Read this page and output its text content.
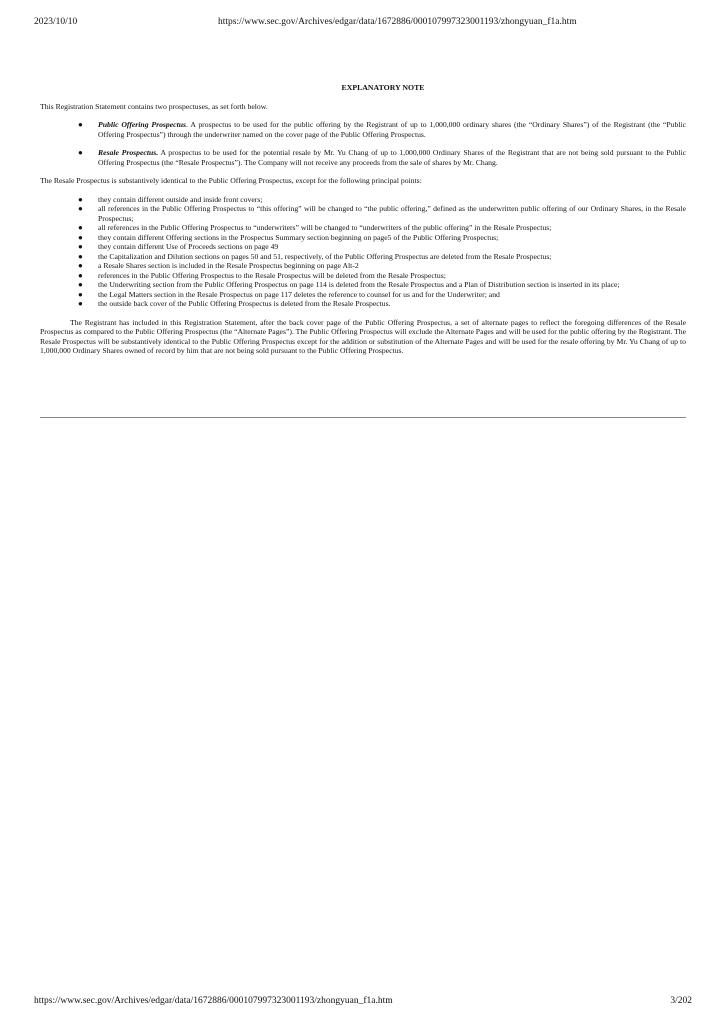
2023/10/10	https://www.sec.gov/Archives/edgar/data/1672886/000107997323001193/zhongyuan_f1a.htm
EXPLANATORY NOTE

This Registration Statement contains two prospectuses, as set forth below.

● Public Offering Prospectus. A prospectus to be used for the public offering by the Registrant of up to 1,000,000 ordinary shares (the “Ordinary Shares”) of the Registrant (the “Public Offering Prospectus”) through the underwriter named on the cover page of the Public Offering Prospectus.
● Resale Prospectus. A prospectus to be used for the potential resale by Mr. Yu Chang of up to 1,000,000 Ordinary Shares of the Registrant that are not being sold pursuant to the Public Offering Prospectus (the “Resale Prospectus”). The Company will not receive any proceeds from the sale of shares by Mr. Chang.

The Resale Prospectus is substantively identical to the Public Offering Prospectus, except for the following principal points:

● they contain different outside and inside front covers;
● all references in the Public Offering Prospectus to “this offering” will be changed to “the public offering,” defined as the underwritten public offering of our Ordinary Shares, in the Resale Prospectus;
● all references in the Public Offering Prospectus to “underwriters” will be changed to “underwriters of the public offering” in the Resale Prospectus;
● they contain different Offering sections in the Prospectus Summary section beginning on page5 of the Public Offering Prospectus;
● they contain different Use of Proceeds sections on page 49
● the Capitalization and Dilution sections on pages 50 and 51, respectively, of the Public Offering Prospectus are deleted from the Resale Prospectus;
● a Resale Shares section is included in the Resale Prospectus beginning on page Alt-2
● references in the Public Offering Prospectus to the Resale Prospectus will be deleted from the Resale Prospectus;
● the Underwriting section from the Public Offering Prospectus on page 114 is deleted from the Resale Prospectus and a Plan of Distribution section is inserted in its place;
● the Legal Matters section in the Resale Prospectus on page 117 deletes the reference to counsel for us and for the Underwriter; and
● the outside back cover of the Public Offering Prospectus is deleted from the Resale Prospectus.

The Registrant has included in this Registration Statement, after the back cover page of the Public Offering Prospectus, a set of alternate pages to reflect the foregoing differences of the Resale Prospectus as compared to the Public Offering Prospectus (the “Alternate Pages”). The Public Offering Prospectus will exclude the Alternate Pages and will be used for the public offering by the Registrant. The Resale Prospectus will be substantively identical to the Public Offering Prospectus except for the addition or substitution of the Alternate Pages and will be used for the resale offering by Mr. Yu Chang of up to 1,000,000 Ordinary Shares owned of record by him that are not being sold pursuant to the Public Offering Prospectus.

https://www.sec.gov/Archives/edgar/data/1672886/000107997323001193/zhongyuan_f1a.htm	3/202
